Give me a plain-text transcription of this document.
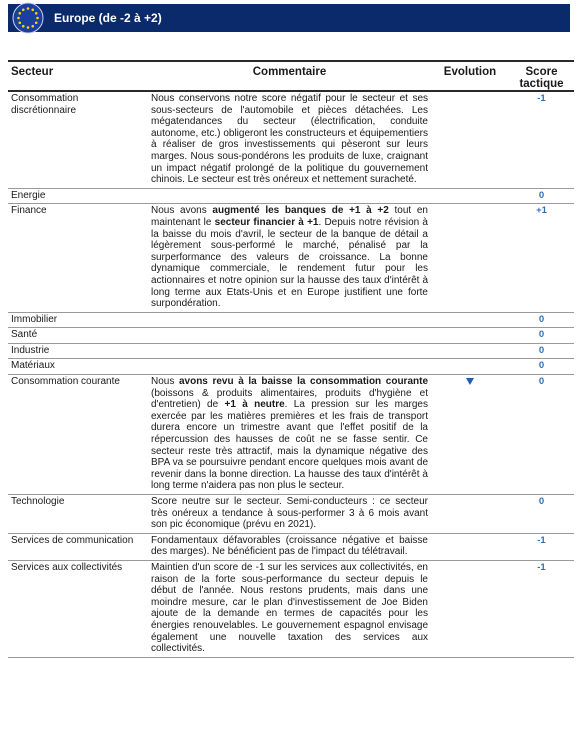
Europe (de -2 à +2)
Secteur	Commentaire	Evolution	Score tactique
Consommation discrétionnaire	Nous conservons notre score négatif pour le secteur et ses sous-secteurs de l'automobile et pièces détachées. Les mégatendances du secteur (électrification, conduite autonome, etc.) obligeront les constructeurs et équipementiers à réaliser de gros investissements qui pèseront sur leurs marges. Nous sous-pondérons les produits de luxe, craignant un impact négatif prolongé de la politique du gouvernement chinois. Le secteur est très onéreux et nettement suracheté.		-1
Energie			0
Finance	Nous avons augmenté les banques de +1 à +2 tout en maintenant le secteur financier à +1. Depuis notre révision à la baisse du mois d'avril, le secteur de la banque de détail a légèrement sous-performé le marché, pénalisé par la surperformance des valeurs de croissance. La bonne dynamique commerciale, le rendement futur pour les actionnaires et notre opinion sur la hausse des taux d'intérêt à long terme aux Etats-Unis et en Europe justifient une forte surpondération.		+1
Immobilier			0
Santé			0
Industrie			0
Matériaux			0
Consommation courante	Nous avons revu à la baisse la consommation courante (boissons & produits alimentaires, produits d'hygiène et d'entretien) de +1 à neutre. La pression sur les marges exercée par les matières premières et les frais de transport durera encore un trimestre avant que l'effet positif de la répercussion des hausses de coût ne se fasse sentir. Ce secteur reste très attractif, mais la dynamique négative des BPA va se poursuivre pendant encore quelques mois avant de revenir dans la bonne direction. La hausse des taux d'intérêt à long terme n'aidera pas non plus le secteur.		0
Technologie	Score neutre sur le secteur. Semi-conducteurs : ce secteur très onéreux a tendance à sous-performer 3 à 6 mois avant son pic économique (prévu en 2021).		0
Services de communication	Fondamentaux défavorables (croissance négative et baisse des marges). Ne bénéficient pas de l'impact du télétravail.		-1
Services aux collectivités	Maintien d'un score de -1 sur les services aux collectivités, en raison de la forte sous-performance du secteur depuis le début de l'année. Nous restons prudents, mais dans une moindre mesure, car le plan d'investissement de Joe Biden ajoute de la demande en termes de capacités pour les énergies renouvelables. Le gouvernement espagnol envisage également une nouvelle taxation des services aux collectivités.		-1
